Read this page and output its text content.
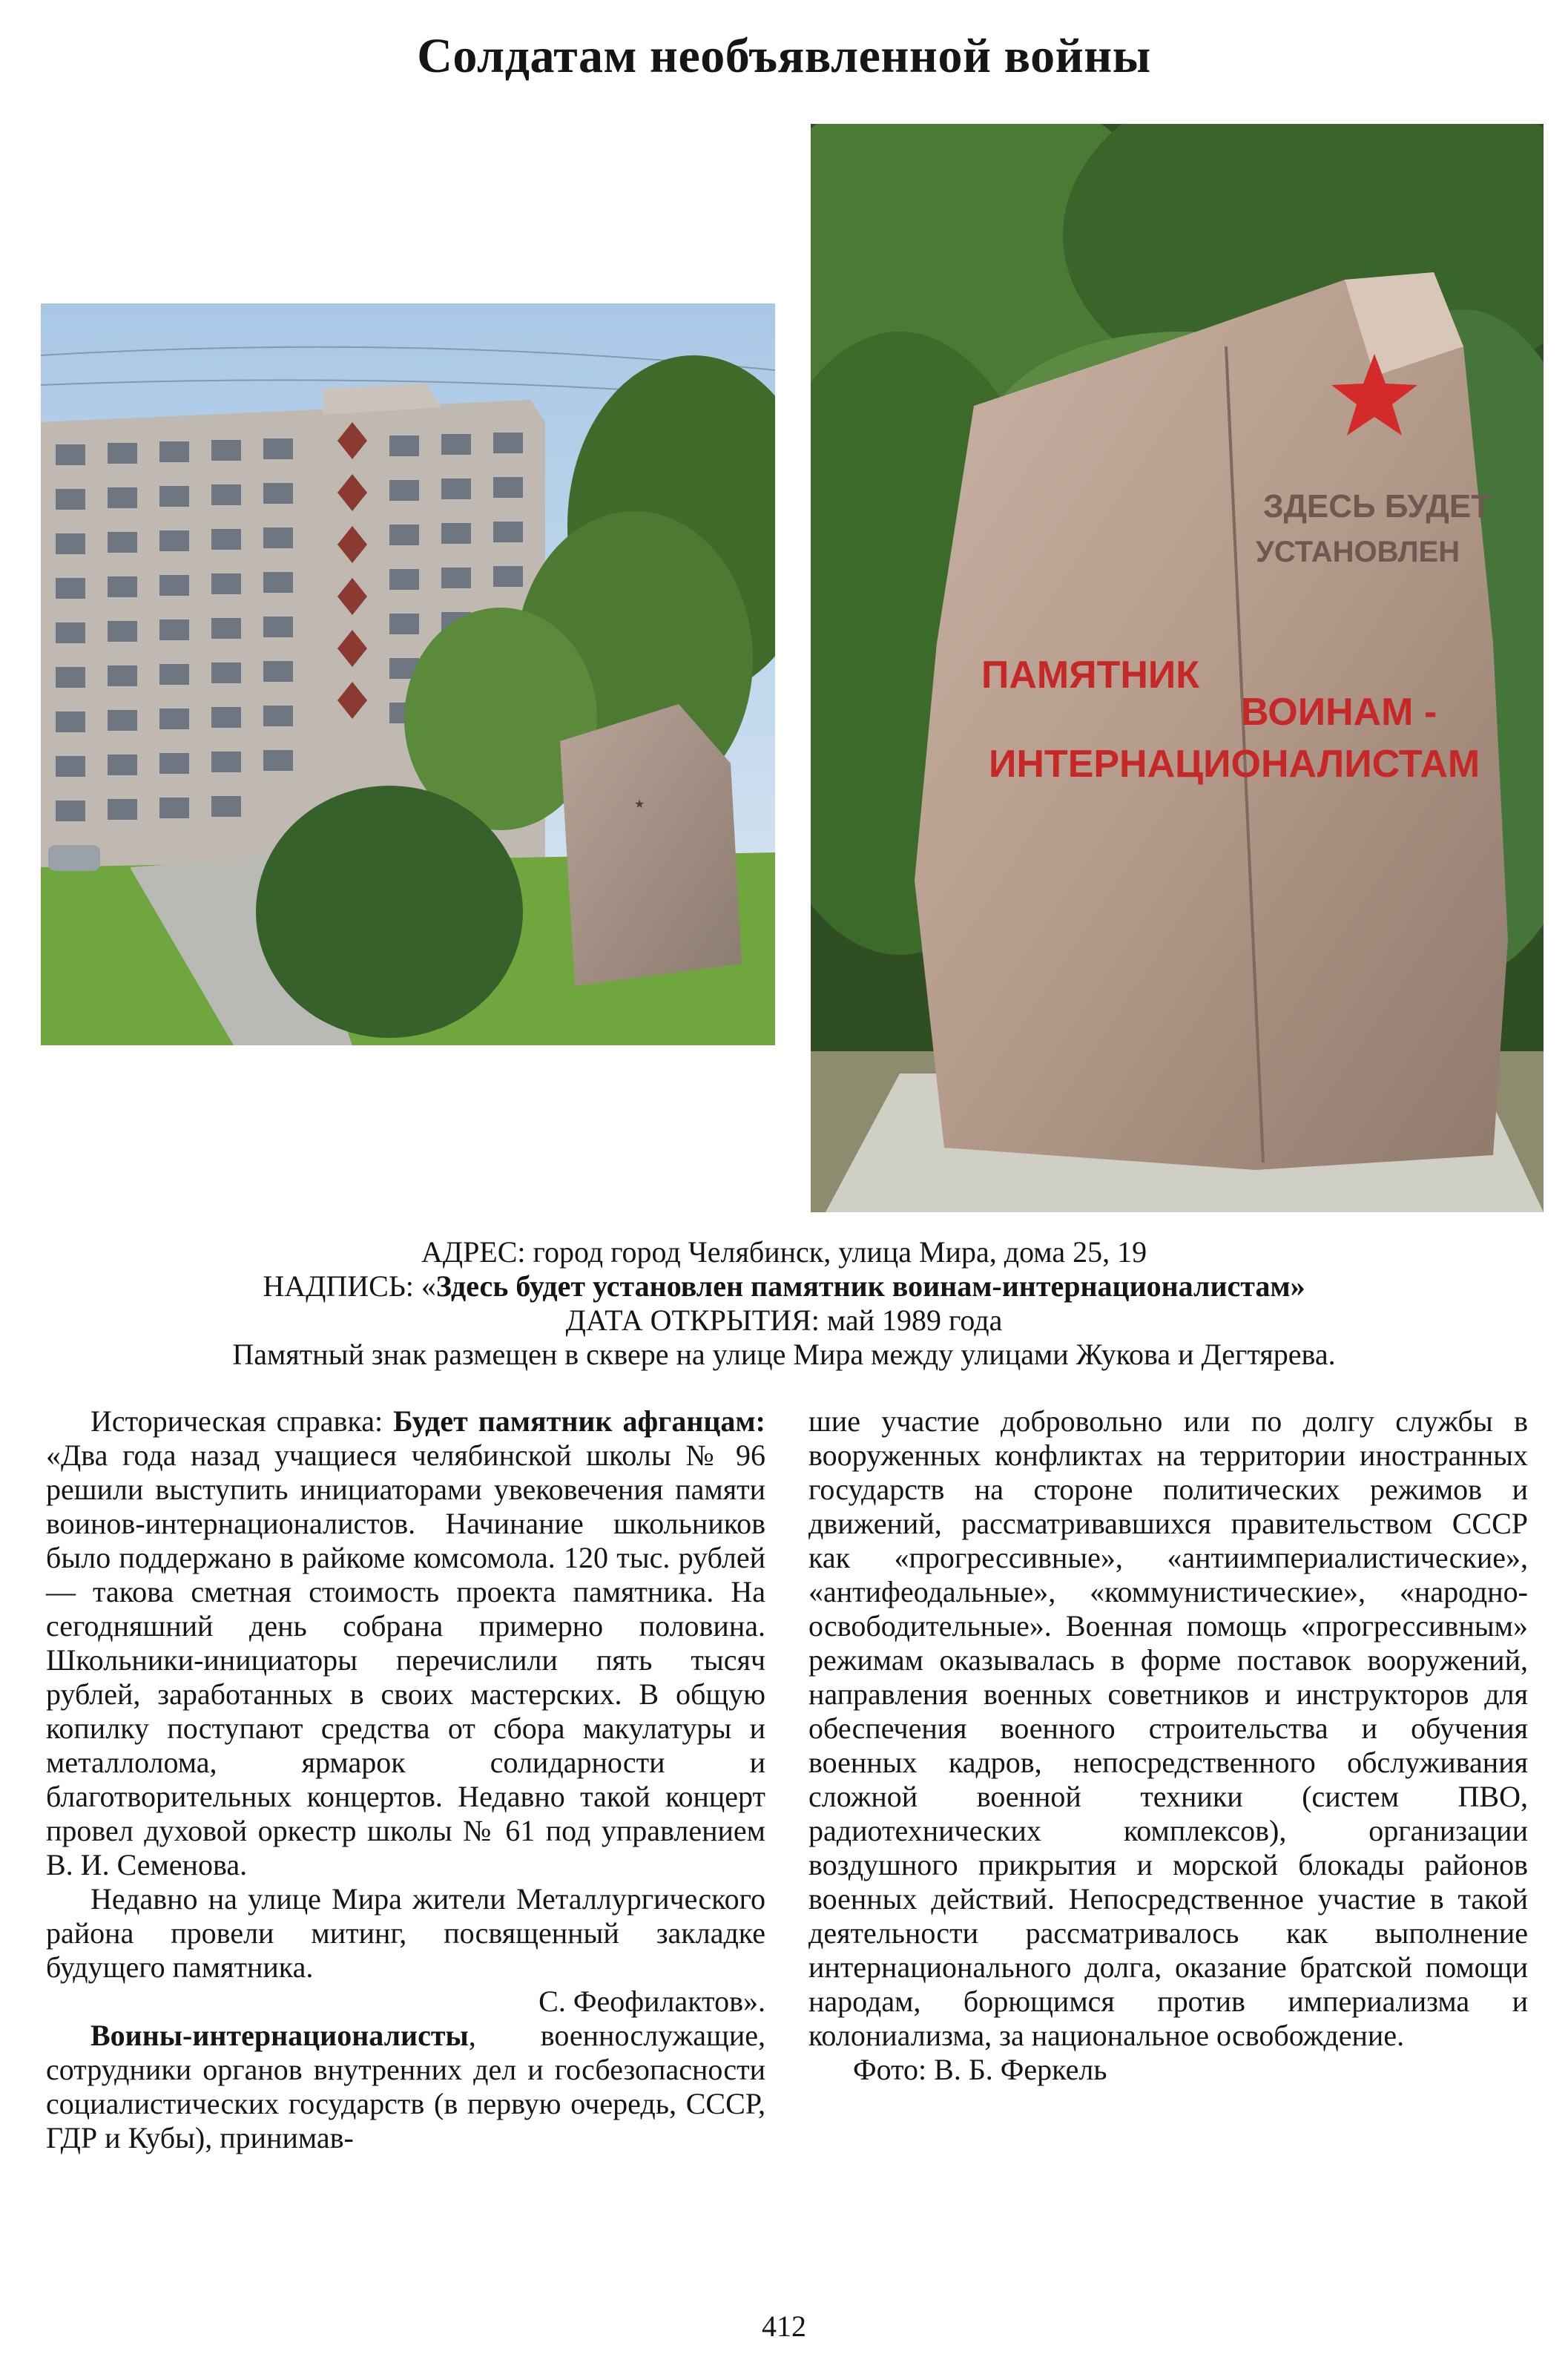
Солдатам необъявленной войны
★
ЗДЕСЬ БУДЕТ
УСТАНОВЛЕН
ПАМЯТНИК
ВОИНАМ -
ИНТЕРНАЦИОНАЛИСТАМ
АДРЕС: город город Челябинск, улица Мира, дома 25, 19
НАДПИСЬ: «Здесь будет установлен памятник воинам-интернационалистам»
ДАТА ОТКРЫТИЯ: май 1989 года
Памятный знак размещен в сквере на улице Мира между улицами Жукова и Дегтярева.

Историческая справка: Будет памятник афганцам: «Два года назад учащиеся челябинской школы № 96 решили выступить инициаторами увековечения памяти воинов-интернационалистов. Начинание школьников было поддержано в райкоме комсомола. 120 тыс. рублей — такова сметная стоимость проекта памятника. На сегодняшний день собрана примерно половина. Школьники-инициаторы перечислили пять тысяч рублей, заработанных в своих мастерских. В общую копилку поступают средства от сбора макулатуры и металлолома, ярмарок солидарности и благотворительных концертов. Недавно такой концерт провел духовой оркестр школы № 61 под управлением В. И. Семенова.

Недавно на улице Мира жители Металлургического района провели митинг, посвященный закладке будущего памятника.

С. Феофилактов».

Воины-интернационалисты, военнослужащие, сотрудники органов внутренних дел и госбезопасности социалистических государств (в первую очередь, СССР, ГДР и Кубы), принимав-

шие участие добровольно или по долгу службы в вооруженных конфликтах на территории иностранных государств на стороне политических режимов и движений, рассматривавшихся правительством СССР как «прогрессивные», «антиимпериалистические», «антифеодальные», «коммунистические», «народно-освободительные». Военная помощь «прогрессивным» режимам оказывалась в форме поставок вооружений, направления военных советников и инструкторов для обеспечения военного строительства и обучения военных кадров, непосредственного обслуживания сложной военной техники (систем ПВО, радиотехнических комплексов), организации воздушного прикрытия и морской блокады районов военных действий. Непосредственное участие в такой деятельности рассматривалось как выполнение интернационального долга, оказание братской помощи народам, борющимся против империализма и колониализма, за национальное освобождение.

Фото: В. Б. Феркель

412
